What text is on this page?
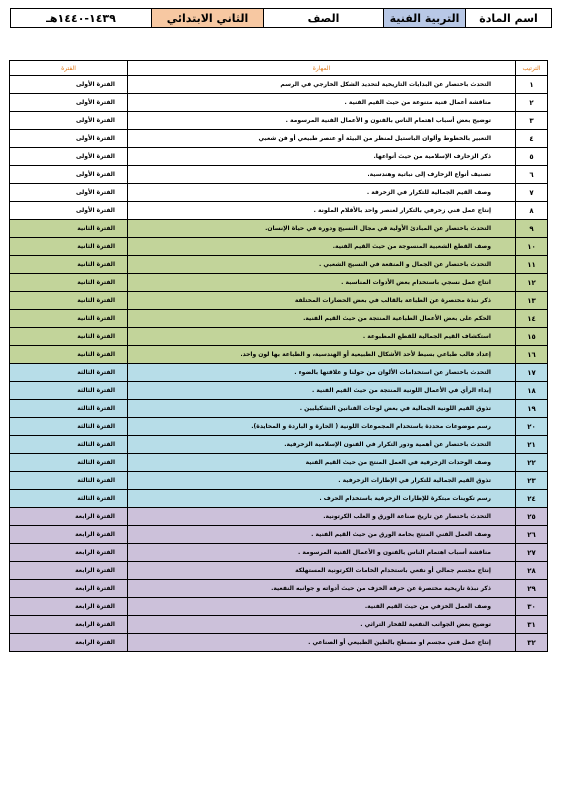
اسم المادة	التربية الفنية	الصف	الثاني الابتدائي	١٤٣٩-١٤٤٠هـ
الترتيب	المهارة	الفترة
١	التحدث باختصار عن البدايات التاريخية لتحديد الشكل الخارجي في الرسم	الفترة الأولى
٢	مناقشة أعمال فنية متنوعة من حيث القيم الفنية .	الفترة الأولى
٣	توضيح بعض أسباب اهتمام الناس بالفنون و الأعمال الفنية المرسومة .	الفترة الأولى
٤	التعبير بالخطوط وألوان الباستيل لمنظر من البيئة أو عنصر طبيعي أو فن شعبي	الفترة الأولى
٥	ذكر الزخارف الإسلامية من حيث أنواعها.	الفترة الأولى
٦	تصنيف أنواع الزخارف إلى نباتية وهندسية.	الفترة الأولى
٧	وصف القيم الجمالية للتكرار في الزخرفة .	الفترة الأولى
٨	إنتاج عمل فني زخرفي بالتكرار لعنصر واحد بالأقلام الملونة .	الفترة الأولى
٩	التحدث باختصار عن المبادئ الأولية في مجال النسيج ودوره في حياة الإنسان.	الفترة الثانية
١٠	وصف القطع الشعبية المنسوجة من حيث القيم الفنية.	الفترة الثانية
١١	التحدث باختصار عن الجمال و المنفعة في النسيج الشعبي .	الفترة الثانية
١٢	انتاج عمل نسجي باستخدام بعض الأدوات المناسبة .	الفترة الثانية
١٣	ذكر نبذة مختصرة عن الطباعة بالقالب في بعض الحضارات المختلفة	الفترة الثانية
١٤	الحكم على بعض الأعمال الطباعية المنتجة من حيث القيم الفنية.	الفترة الثانية
١٥	استكشاف القيم الجمالية للقطع المطبوعة .	الفترة الثانية
١٦	إعداد قالب طباعي بسيط لأحد الأشكال الطبيعية أو الهندسية، و الطباعة بها لون واحد.	الفترة الثانية
١٧	التحدث باختصار عن استخدامات الألوان من حولنا و علاقتها بالضوء .	الفترة الثالثة
١٨	إبداء الرأي في الأعمال اللونية المنتجة من حيث القيم الفنية .	الفترة الثالثة
١٩	تذوق القيم اللونية الجمالية في بعض لوحات الفنانين التشكيليين .	الفترة الثالثة
٢٠	رسم موضوعات محددة باستخدام المجموعات اللونية ( الحارة و الباردة و المحايدة).	الفترة الثالثة
٢١	التحدث باختصار عن أهمية ودور التكرار في الفنون الإسلامية الزخرفية.	الفترة الثالثة
٢٢	وصف الوحدات الزخرفية في العمل المنتج من حيث القيم الفنية	الفترة الثالثة
٢٣	تذوق القيم الجمالية للتكرار في الإطارات الزخرفية .	الفترة الثالثة
٢٤	رسم تكوينات مبتكرة للإطارات الزخرفية باستخدام الحرف .	الفترة الثالثة
٢٥	التحدث باختصار عن تاريخ صناعة الورق و العلب الكرتونية.	الفترة الرابعة
٢٦	وصف العمل الفني المنتج بخامة الورق من حيث القيم الفنية .	الفترة الرابعة
٢٧	مناقشة أسباب اهتمام الناس بالفنون و الأعمال الفنية المرسومة .	الفترة الرابعة
٢٨	إنتاج مجسم جمالي أو نفعي باستخدام الخامات الكرتونية المستهلكة	الفترة الرابعة
٢٩	ذكر نبذة تاريخية مختصرة عن حرفة الخزف من حيث أدواته و جوانبه النفعية.	الفترة الرابعة
٣٠	وصف العمل الخزفي من حيث القيم الفنية.	الفترة الرابعة
٣١	توضيح بعض الجوانب النفعية للفخار التراثي .	الفترة الرابعة
٣٢	إنتاج عمل فني مجسم او مسطح بالطين الطبيعي أو الصناعي .	الفترة الرابعة
